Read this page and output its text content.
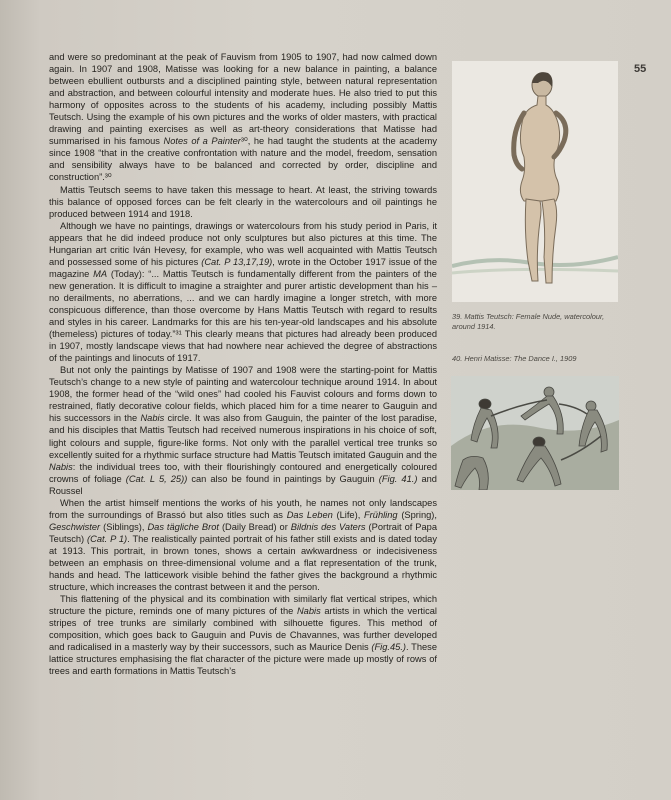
55

and were so predominant at the peak of Fauvism from 1905 to 1907, had now calmed down again. In 1907 and 1908, Matisse was looking for a new balance in painting, a balance between ebullient outbursts and a disciplined painting style, between natural representation and abstraction, and between colourful intensity and moderate hues. He also tried to put this harmony of opposites across to the students of his academy, including possibly Mattis Teutsch. Using the example of his own pictures and the works of older masters, with practical drawing and painting exercises as well as art-theory considerations that Matisse had summarised in his famous Notes of a Painter³⁰, he had taught the students at the academy since 1908 “that in the creative confrontation with nature and the model, freedom, sensation and sensibility always have to be balanced and corrected by order, discipline and construction”.³⁰

Mattis Teutsch seems to have taken this message to heart. At least, the striving towards this balance of opposed forces can be felt clearly in the watercolours and oil paintings he produced between 1914 and 1918.

Although we have no paintings, drawings or watercolours from his study period in Paris, it appears that he did indeed produce not only sculptures but also pictures at this time. The Hungarian art critic Iván Hevesy, for example, who was well acquainted with Mattis Teutsch and possessed some of his pictures (Cat. P 13,17,19), wrote in the October 1917 issue of the magazine MA (Today): “... Mattis Teutsch is fundamentally different from the painters of the new generation. It is difficult to imagine a straighter and purer artistic development than his – no derailments, no aberrations, ... and we can hardly imagine a longer stretch, with more conspicuous difference, than those overcome by Hans Mattis Teutsch with regard to results and styles in his career. Landmarks for this are his ten-year-old landscapes and his absolute (themeless) pictures of today.”³¹ This clearly means that pictures had already been produced in 1907, mostly landscape views that had nowhere near achieved the degree of abstractions of the paintings and linocuts of 1917.

But not only the paintings by Matisse of 1907 and 1908 were the starting-point for Mattis Teutsch’s change to a new style of painting and watercolour technique around 1914. In about 1908, the former head of the “wild ones” had cooled his Fauvist colours and forms down to restrained, flatly decorative colour fields, which placed him for a time nearer to Gauguin and his successors in the Nabis circle. It was also from Gauguin, the painter of the lost paradise, and his disciples that Mattis Teutsch had received numerous inspirations in his choice of soft, light colours and supple, figure-like forms. Not only with the parallel vertical tree trunks so excellently suited for a rhythmic surface structure had Mattis Teutsch imitated Gauguin and the Nabis: the individual trees too, with their flourishingly contoured and energetically coloured crowns of foliage (Cat. L 5, 25)) can also be found in paintings by Gauguin (Fig. 41.) and Roussel

When the artist himself mentions the works of his youth, he names not only landscapes from the surroundings of Brassó but also titles such as Das Leben (Life), Frühling (Spring), Geschwister (Siblings), Das tägliche Brot (Daily Bread) or Bildnis des Vaters (Portrait of Papa Teutsch) (Cat. P 1). The realistically painted portrait of his father still exists and is dated today at 1913. This portrait, in brown tones, shows a certain awkwardness or indecisiveness between an emphasis on three-dimensional volume and a flat representation of the trunk, hands and head. The latticework visible behind the father gives the background a rhythmic structure, which increases the contrast between it and the person.

This flattening of the physical and its combination with similarly flat vertical stripes, which structure the picture, reminds one of many pictures of the Nabis artists in which the vertical stripes of tree trunks are similarly combined with silhouette figures. This method of composition, which goes back to Gauguin and Puvis de Chavannes, was further developed and radicalised in a masterly way by their successors, such as Maurice Denis (Fig.45.). These lattice structures emphasising the flat character of the picture were made up mostly of rows of trees and earth formations in Mattis Teutsch’s

39. Mattis Teutsch: Female Nude, watercolour, around 1914.
40. Henri Matisse: The Dance I., 1909
